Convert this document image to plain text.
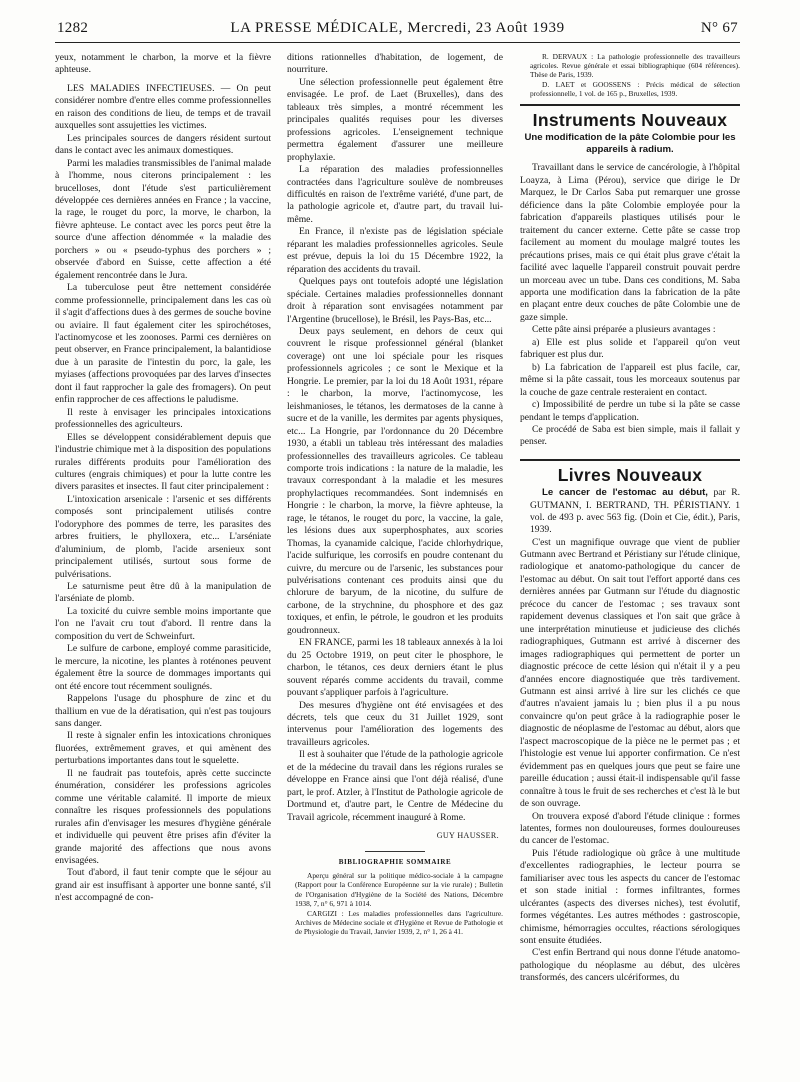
1282	LA PRESSE MÉDICALE, Mercredi, 23 Août 1939	N° 67

yeux, notamment le charbon, la morve et la fièvre aphteuse.

LES MALADIES INFECTIEUSES. — On peut considérer nombre d'entre elles comme professionnelles en raison des conditions de lieu, de temps et de travail auxquelles sont assujetties les victimes.

Les principales sources de dangers résident surtout dans le contact avec les animaux domestiques.

Parmi les maladies transmissibles de l'animal malade à l'homme, nous citerons principalement : les brucelloses, dont l'étude s'est particulièrement développée ces dernières années en France ; la vaccine, la rage, le rouget du porc, la morve, le charbon, la fièvre aphteuse. Le contact avec les porcs peut être la source d'une affection dénommée « la maladie des porchers » ou « pseudo-typhus des porchers » ; observée d'abord en Suisse, cette affection a été également rencontrée dans le Jura.

La tuberculose peut être nettement considérée comme professionnelle, principalement dans les cas où il s'agit d'affections dues à des germes de souche bovine ou aviaire. Il faut également citer les spirochétoses, l'actinomycose et les zoonoses. Parmi ces dernières on peut observer, en France principalement, la balantidiose due à un parasite de l'intestin du porc, la gale, les myiases (affections provoquées par des larves d'insectes dont il faut rapprocher la gale des fromagers). On peut enfin rapprocher de ces affections le paludisme.

Il reste à envisager les principales intoxications professionnelles des agriculteurs.

Elles se développent considérablement depuis que l'industrie chimique met à la disposition des populations rurales différents produits pour l'amélioration des cultures (engrais chimiques) et pour la lutte contre les divers parasites et insectes. Il faut citer principalement :

L'intoxication arsenicale : l'arsenic et ses différents composés sont principalement utilisés contre l'odoryphore des pommes de terre, les parasites des arbres fruitiers, le phylloxera, etc... L'arséniate d'aluminium, de plomb, l'acide arsenieux sont principalement utilisés, surtout sous forme de pulvérisations.

Le saturnisme peut être dû à la manipulation de l'arséniate de plomb.

La toxicité du cuivre semble moins importante que l'on ne l'avait cru tout d'abord. Il rentre dans la composition du vert de Schweinfurt.

Le sulfure de carbone, employé comme parasiticide, le mercure, la nicotine, les plantes à roténones peuvent également être la source de dommages importants qui ont été encore tout récemment soulignés.

Rappelons l'usage du phosphure de zinc et du thallium en vue de la dératisation, qui n'est pas toujours sans danger.

Il reste à signaler enfin les intoxications chroniques fluorées, extrêmement graves, et qui amènent des perturbations importantes dans tout le squelette.

Il ne faudrait pas toutefois, après cette succincte énumération, considérer les professions agricoles comme une véritable calamité. Il importe de mieux connaître les risques professionnels des populations rurales afin d'envisager les mesures d'hygiène générale et individuelle qui peuvent être prises afin d'éviter la grande majorité des affections que nous avons envisagées.

Tout d'abord, il faut tenir compte que le séjour au grand air est insuffisant à apporter une bonne santé, s'il n'est accompagné de con-

ditions rationnelles d'habitation, de logement, de nourriture.

Une sélection professionnelle peut également être envisagée. Le prof. de Laet (Bruxelles), dans des tableaux très simples, a montré récemment les principales qualités requises pour les diverses professions agricoles. L'enseignement technique permettra également d'assurer une meilleure prophylaxie.

La réparation des maladies professionnelles contractées dans l'agriculture soulève de nombreuses difficultés en raison de l'extrême variété, d'une part, de la pathologie agricole et, d'autre part, du travail lui-même.

En France, il n'existe pas de législation spéciale réparant les maladies professionnelles agricoles. Seule est prévue, depuis la loi du 15 Décembre 1922, la réparation des accidents du travail.

Quelques pays ont toutefois adopté une législation spéciale. Certaines maladies professionnelles donnant droit à réparation sont envisagées notamment par l'Argentine (brucellose), le Brésil, les Pays-Bas, etc...

Deux pays seulement, en dehors de ceux qui couvrent le risque professionnel général (blanket coverage) ont une loi spéciale pour les risques professionnels agricoles ; ce sont le Mexique et la Hongrie. Le premier, par la loi du 18 Août 1931, répare : le charbon, la morve, l'actinomycose, les leishmanioses, le tétanos, les dermatoses de la canne à sucre et de la vanille, les dermites par agents physiques, etc... La Hongrie, par l'ordonnance du 20 Décembre 1930, a établi un tableau très intéressant des maladies professionnelles des travailleurs agricoles. Ce tableau comporte trois indications : la nature de la maladie, les travaux correspondant à la maladie et les mesures prophylactiques recommandées. Sont indemnisés en Hongrie : le charbon, la morve, la fièvre aphteuse, la rage, le tétanos, le rouget du porc, la vaccine, la gale, les lésions dues aux superphosphates, aux scories Thomas, la cyanamide calcique, l'acide chlorhydrique, l'acide sulfurique, les corrosifs en poudre contenant du cuivre, du mercure ou de l'arsenic, les substances pour pulvérisations contenant ces produits ainsi que du chlorure de baryum, de la nicotine, du sulfure de carbone, de la strychnine, du phosphore et des gaz toxiques, et enfin, le pétrole, le goudron et les produits goudronneux.

EN FRANCE, parmi les 18 tableaux annexés à la loi du 25 Octobre 1919, on peut citer le phosphore, le charbon, le tétanos, ces deux derniers étant le plus souvent réparés comme accidents du travail, comme pouvant s'appliquer parfois à l'agriculture.

Des mesures d'hygiène ont été envisagées et des décrets, tels que ceux du 31 Juillet 1929, sont intervenus pour l'amélioration des logements des travailleurs agricoles.

Il est à souhaiter que l'étude de la pathologie agricole et de la médecine du travail dans les régions rurales se développe en France ainsi que l'ont déjà réalisé, d'une part, le prof. Atzler, à l'Institut de Pathologie agricole de Dortmund et, d'autre part, le Centre de Médecine du Travail agricole, récemment inauguré à Rome.

GUY HAUSSER.

BIBLIOGRAPHIE SOMMAIRE

Aperçu général sur la politique médico-sociale à la campagne (Rapport pour la Conférence Européenne sur la vie rurale) ; Bulletin de l'Organisation d'Hygiène de la Société des Nations, Décembre 1938, 7, n° 6, 971 à 1014.

CARGIZI : Les maladies professionnelles dans l'agriculture. Archives de Médecine sociale et d'Hygiène et Revue de Pathologie et de Physiologie du Travail, Janvier 1939, 2, n° 1, 26 à 41.

R. DERVAUX : La pathologie professionnelle des travailleurs agricoles. Revue générale et essai bibliographique (604 références). Thèse de Paris, 1939.

D. LAET et GOOSSENS : Précis médical de sélection professionnelle, 1 vol. de 165 p., Bruxelles, 1939.

Instruments Nouveaux
Une modification de la pâte Colombie pour les appareils à radium.

Travaillant dans le service de cancérologie, à l'hôpital Loayza, à Lima (Pérou), service que dirige le Dr Marquez, le Dr Carlos Saba put remarquer une grosse déficience dans la pâte Colombie employée pour la fabrication d'appareils plastiques utilisés pour le traitement du cancer externe. Cette pâte se casse trop facilement au moment du moulage malgré toutes les précautions prises, mais ce qui était plus grave c'était la facilité avec laquelle l'appareil construit pouvait perdre un morceau avec un tube. Dans ces conditions, M. Saba apporta une modification dans la fabrication de la pâte en plaçant entre deux couches de pâte Colombie une de gaze simple.

Cette pâte ainsi préparée a plusieurs avantages :

a) Elle est plus solide et l'appareil qu'on veut fabriquer est plus dur.

b) La fabrication de l'appareil est plus facile, car, même si la pâte cassait, tous les morceaux soutenus par la couche de gaze centrale resteraient en contact.

c) Impossibilité de perdre un tube si la pâte se casse pendant le temps d'application.

Ce procédé de Saba est bien simple, mais il fallait y penser.

Livres Nouveaux

Le cancer de l'estomac au début, par R. GUTMANN, I. BERTRAND, TH. PÉRISTIANY. 1 vol. de 493 p. avec 563 fig. (Doin et Cie, édit.), Paris, 1939.

C'est un magnifique ouvrage que vient de publier Gutmann avec Bertrand et Péristiany sur l'étude clinique, radiologique et anatomo-pathologique du cancer de l'estomac au début. On sait tout l'effort apporté dans ces dernières années par Gutmann sur l'étude du diagnostic précoce du cancer de l'estomac ; ses travaux sont rapidement devenus classiques et l'on sait que grâce à une interprétation minutieuse et judicieuse des clichés radiographiques, Gutmann est arrivé à discerner des images radiographiques qui permettent de porter un diagnostic précoce de cette lésion qui n'était il y a peu d'années encore diagnostiquée que très tardivement. Gutmann est ainsi arrivé à lire sur les clichés ce que d'autres n'avaient jamais lu ; bien plus il a pu nous convaincre qu'on peut grâce à la radiographie poser le diagnostic de néoplasme de l'estomac au début, alors que l'aspect macroscopique de la pièce ne le permet pas ; et l'histologie est venue lui apporter confirmation. Ce n'est évidemment pas en quelques jours que peut se faire une pareille éducation ; aussi était-il indispensable qu'il fasse connaître à tous le fruit de ses recherches et c'est là le but de son ouvrage.

On trouvera exposé d'abord l'étude clinique : formes latentes, formes non douloureuses, formes douloureuses du cancer de l'estomac.

Puis l'étude radiologique où grâce à une multitude d'excellentes radiographies, le lecteur pourra se familiariser avec tous les aspects du cancer de l'estomac et son stade initial : formes infiltrantes, formes ulcérantes (aspects des diverses niches), test évolutif, formes végétantes. Les autres méthodes : gastroscopie, chimisme, hémorragies occultes, réactions sérologiques sont ensuite étudiées.

C'est enfin Bertrand qui nous donne l'étude anatomo-pathologique du néoplasme au début, des ulcères transformés, des cancers ulcériformes, du
